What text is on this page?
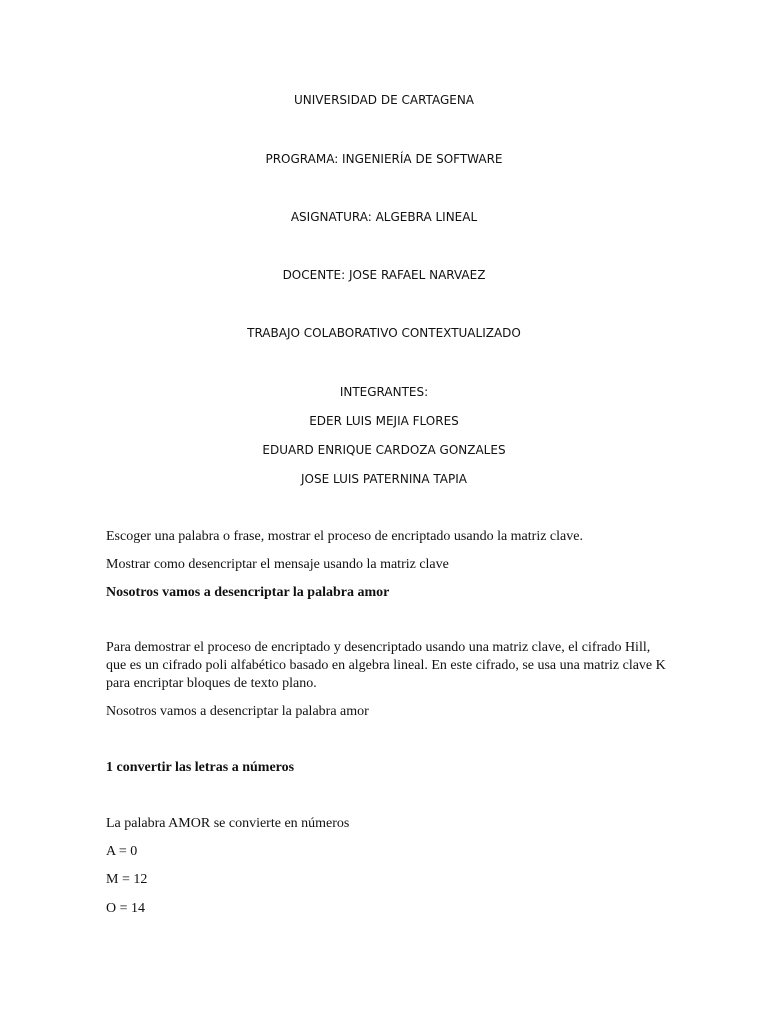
UNIVERSIDAD DE CARTAGENA
PROGRAMA: INGENIERÍA DE SOFTWARE
ASIGNATURA: ALGEBRA LINEAL
DOCENTE: JOSE RAFAEL NARVAEZ
TRABAJO COLABORATIVO CONTEXTUALIZADO
INTEGRANTES:
EDER LUIS MEJIA FLORES
EDUARD ENRIQUE CARDOZA GONZALES
JOSE LUIS PATERNINA TAPIA
Escoger una palabra o frase, mostrar el proceso de encriptado usando la matriz clave.
Mostrar como desencriptar el mensaje usando la matriz clave
Nosotros vamos a desencriptar la palabra amor
Para demostrar el proceso de encriptado y desencriptado usando una matriz clave, el cifrado Hill,
que es un cifrado poli alfabético basado en algebra lineal. En este cifrado, se usa una matriz clave K
para encriptar bloques de texto plano.
Nosotros vamos a desencriptar la palabra amor
1 convertir las letras a números
La palabra AMOR se convierte en números
A = 0
M = 12
O = 14
